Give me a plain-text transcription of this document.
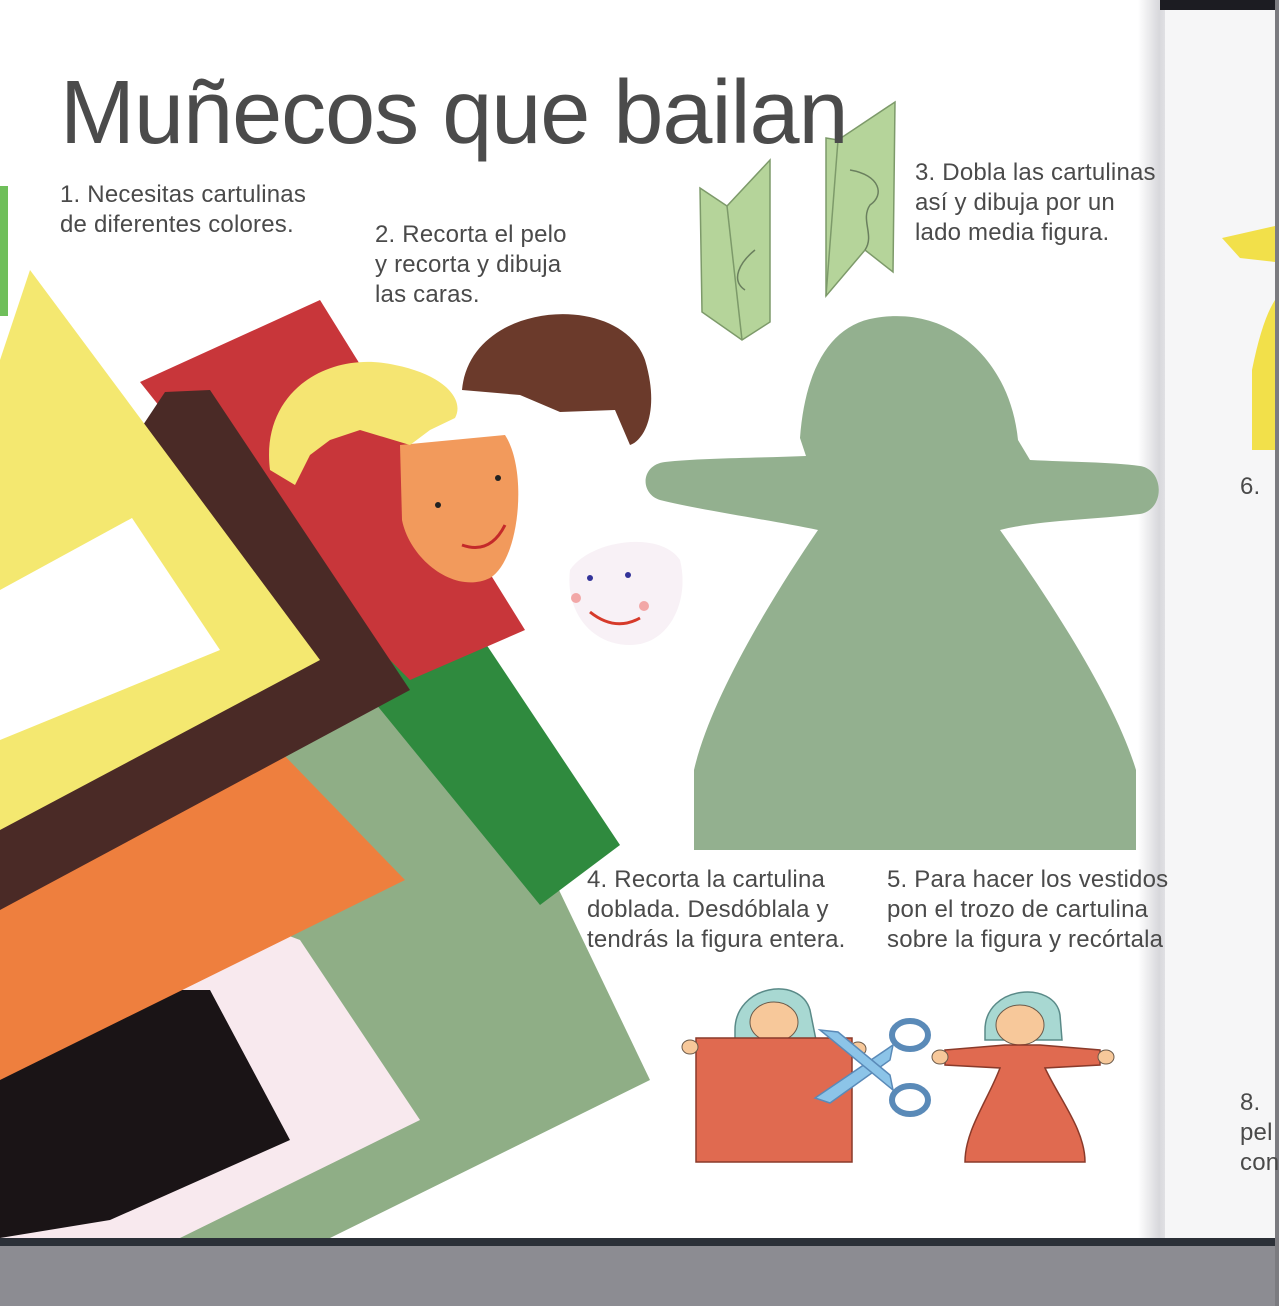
Muñecos que bailan
1. Necesitas cartulinas
de diferentes colores.	2. Recorta el pelo
y recorta y dibuja
las caras.
3. Dobla las cartulinas
así y dibuja por un
lado media figura.
4. Recorta la cartulina
doblada. Desdóblala y
tendrás la figura entera.
5. Para hacer los vestidos
pon el trozo de cartulina
sobre la figura y recórtala
6.
8.
pel
con
